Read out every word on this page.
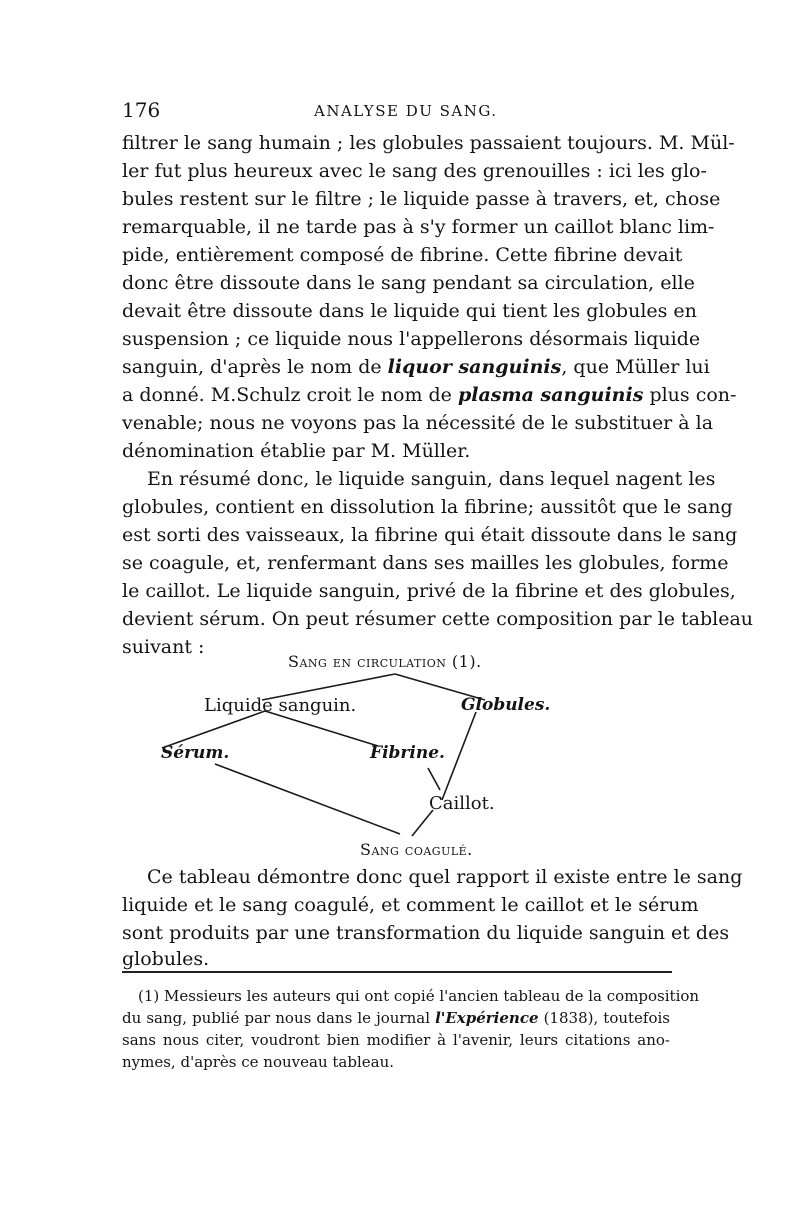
176	ANALYSE DU SANG.
filtrer le sang humain ; les globules passaient toujours. M. Mül-
ler fut plus heureux avec le sang des grenouilles : ici les glo-
bules restent sur le filtre ; le liquide passe à travers, et, chose
remarquable, il ne tarde pas à s'y former un caillot blanc lim-
pide, entièrement composé de fibrine. Cette fibrine devait
donc être dissoute dans le sang pendant sa circulation, elle
devait être dissoute dans le liquide qui tient les globules en
suspension ; ce liquide nous l'appellerons désormais liquide
sanguin, d'après le nom de liquor sanguinis, que Müller lui
a donné. M.Schulz croit le nom de plasma sanguinis plus con-
venable; nous ne voyons pas la nécessité de le substituer à la
dénomination établie par M. Müller.
En résumé donc, le liquide sanguin, dans lequel nagent les
globules, contient en dissolution la fibrine; aussitôt que le sang
est sorti des vaisseaux, la fibrine qui était dissoute dans le sang
se coagule, et, renfermant dans ses mailles les globules, forme
le caillot. Le liquide sanguin, privé de la fibrine et des globules,
devient sérum. On peut résumer cette composition par le tableau
suivant :
Sang en circulation (1).
Liquide sanguin.	Globules.
Sérum.	Fibrine.
Caillot.
Sang coagulé.
Ce tableau démontre donc quel rapport il existe entre le sang
liquide et le sang coagulé, et comment le caillot et le sérum
sont produits par une transformation du liquide sanguin et des
globules.
(1) Messieurs les auteurs qui ont copié l'ancien tableau de la composition
du sang, publié par nous dans le journal l'Expérience (1838), toutefois
sans nous citer, voudront bien modifier à l'avenir, leurs citations ano-
nymes, d'après ce nouveau tableau.
